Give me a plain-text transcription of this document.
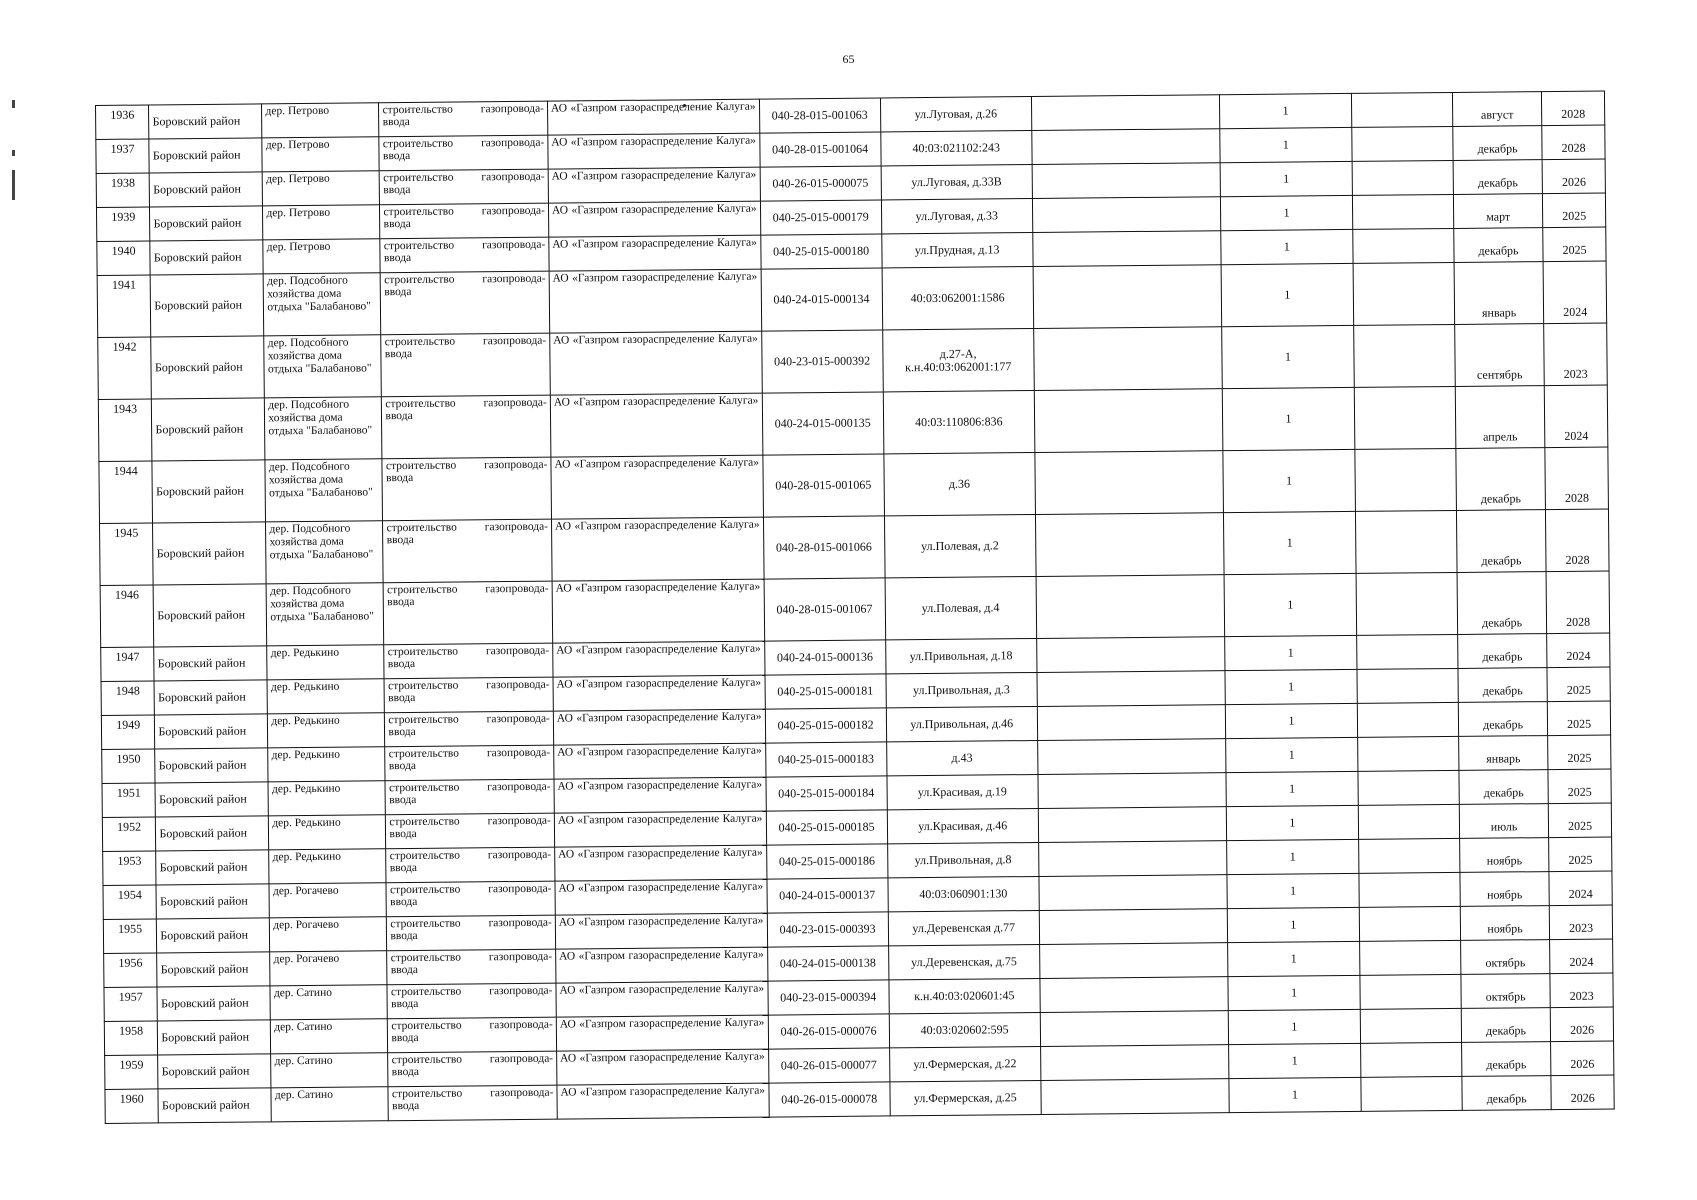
65
1936	Боровский район	дер. Петрово	строительство газопровода-ввода	АО «Газпром газораспределение Калуга»	040-28-015-001063	ул.Луговая, д.26		1		август	2028
1937	Боровский район	дер. Петрово	строительство газопровода-ввода	АО «Газпром газораспределение Калуга»	040-28-015-001064	40:03:021102:243		1		декабрь	2028
1938	Боровский район	дер. Петрово	строительство газопровода-ввода	АО «Газпром газораспределение Калуга»	040-26-015-000075	ул.Луговая, д.33В		1		декабрь	2026
1939	Боровский район	дер. Петрово	строительство газопровода-ввода	АО «Газпром газораспределение Калуга»	040-25-015-000179	ул.Луговая, д.33		1		март	2025
1940	Боровский район	дер. Петрово	строительство газопровода-ввода	АО «Газпром газораспределение Калуга»	040-25-015-000180	ул.Прудная, д.13		1		декабрь	2025
1941	Боровский район	дер. Подсобного хозяйства дома отдыха "Балабаново"	строительство газопровода-ввода	АО «Газпром газораспределение Калуга»	040-24-015-000134	40:03:062001:1586		1		январь	2024
1942	Боровский район	дер. Подсобного хозяйства дома отдыха "Балабаново"	строительство газопровода-ввода	АО «Газпром газораспределение Калуга»	040-23-015-000392	д.27-А, к.н.40:03:062001:177		1		сентябрь	2023
1943	Боровский район	дер. Подсобного хозяйства дома отдыха "Балабаново"	строительство газопровода-ввода	АО «Газпром газораспределение Калуга»	040-24-015-000135	40:03:110806:836		1		апрель	2024
1944	Боровский район	дер. Подсобного хозяйства дома отдыха "Балабаново"	строительство газопровода-ввода	АО «Газпром газораспределение Калуга»	040-28-015-001065	д.36		1		декабрь	2028
1945	Боровский район	дер. Подсобного хозяйства дома отдыха "Балабаново"	строительство газопровода-ввода	АО «Газпром газораспределение Калуга»	040-28-015-001066	ул.Полевая, д.2		1		декабрь	2028
1946	Боровский район	дер. Подсобного хозяйства дома отдыха "Балабаново"	строительство газопровода-ввода	АО «Газпром газораспределение Калуга»	040-28-015-001067	ул.Полевая, д.4		1		декабрь	2028
1947	Боровский район	дер. Редькино	строительство газопровода-ввода	АО «Газпром газораспределение Калуга»	040-24-015-000136	ул.Привольная, д.18		1		декабрь	2024
1948	Боровский район	дер. Редькино	строительство газопровода-ввода	АО «Газпром газораспределение Калуга»	040-25-015-000181	ул.Привольная, д.3		1		декабрь	2025
1949	Боровский район	дер. Редькино	строительство газопровода-ввода	АО «Газпром газораспределение Калуга»	040-25-015-000182	ул.Привольная, д.46		1		декабрь	2025
1950	Боровский район	дер. Редькино	строительство газопровода-ввода	АО «Газпром газораспределение Калуга»	040-25-015-000183	д.43		1		январь	2025
1951	Боровский район	дер. Редькино	строительство газопровода-ввода	АО «Газпром газораспределение Калуга»	040-25-015-000184	ул.Красивая, д.19		1		декабрь	2025
1952	Боровский район	дер. Редькино	строительство газопровода-ввода	АО «Газпром газораспределение Калуга»	040-25-015-000185	ул.Красивая, д.46		1		июль	2025
1953	Боровский район	дер. Редькино	строительство газопровода-ввода	АО «Газпром газораспределение Калуга»	040-25-015-000186	ул.Привольная, д.8		1		ноябрь	2025
1954	Боровский район	дер. Рогачево	строительство газопровода-ввода	АО «Газпром газораспределение Калуга»	040-24-015-000137	40:03:060901:130		1		ноябрь	2024
1955	Боровский район	дер. Рогачево	строительство газопровода-ввода	АО «Газпром газораспределение Калуга»	040-23-015-000393	ул.Деревенская д.77		1		ноябрь	2023
1956	Боровский район	дер. Рогачево	строительство газопровода-ввода	АО «Газпром газораспределение Калуга»	040-24-015-000138	ул.Деревенская, д.75		1		октябрь	2024
1957	Боровский район	дер. Сатино	строительство газопровода-ввода	АО «Газпром газораспределение Калуга»	040-23-015-000394	к.н.40:03:020601:45		1		октябрь	2023
1958	Боровский район	дер. Сатино	строительство газопровода-ввода	АО «Газпром газораспределение Калуга»	040-26-015-000076	40:03:020602:595		1		декабрь	2026
1959	Боровский район	дер. Сатино	строительство газопровода-ввода	АО «Газпром газораспределение Калуга»	040-26-015-000077	ул.Фермерская, д.22		1		декабрь	2026
1960	Боровский район	дер. Сатино	строительство газопровода-ввода	АО «Газпром газораспределение Калуга»	040-26-015-000078	ул.Фермерская, д.25		1		декабрь	2026
